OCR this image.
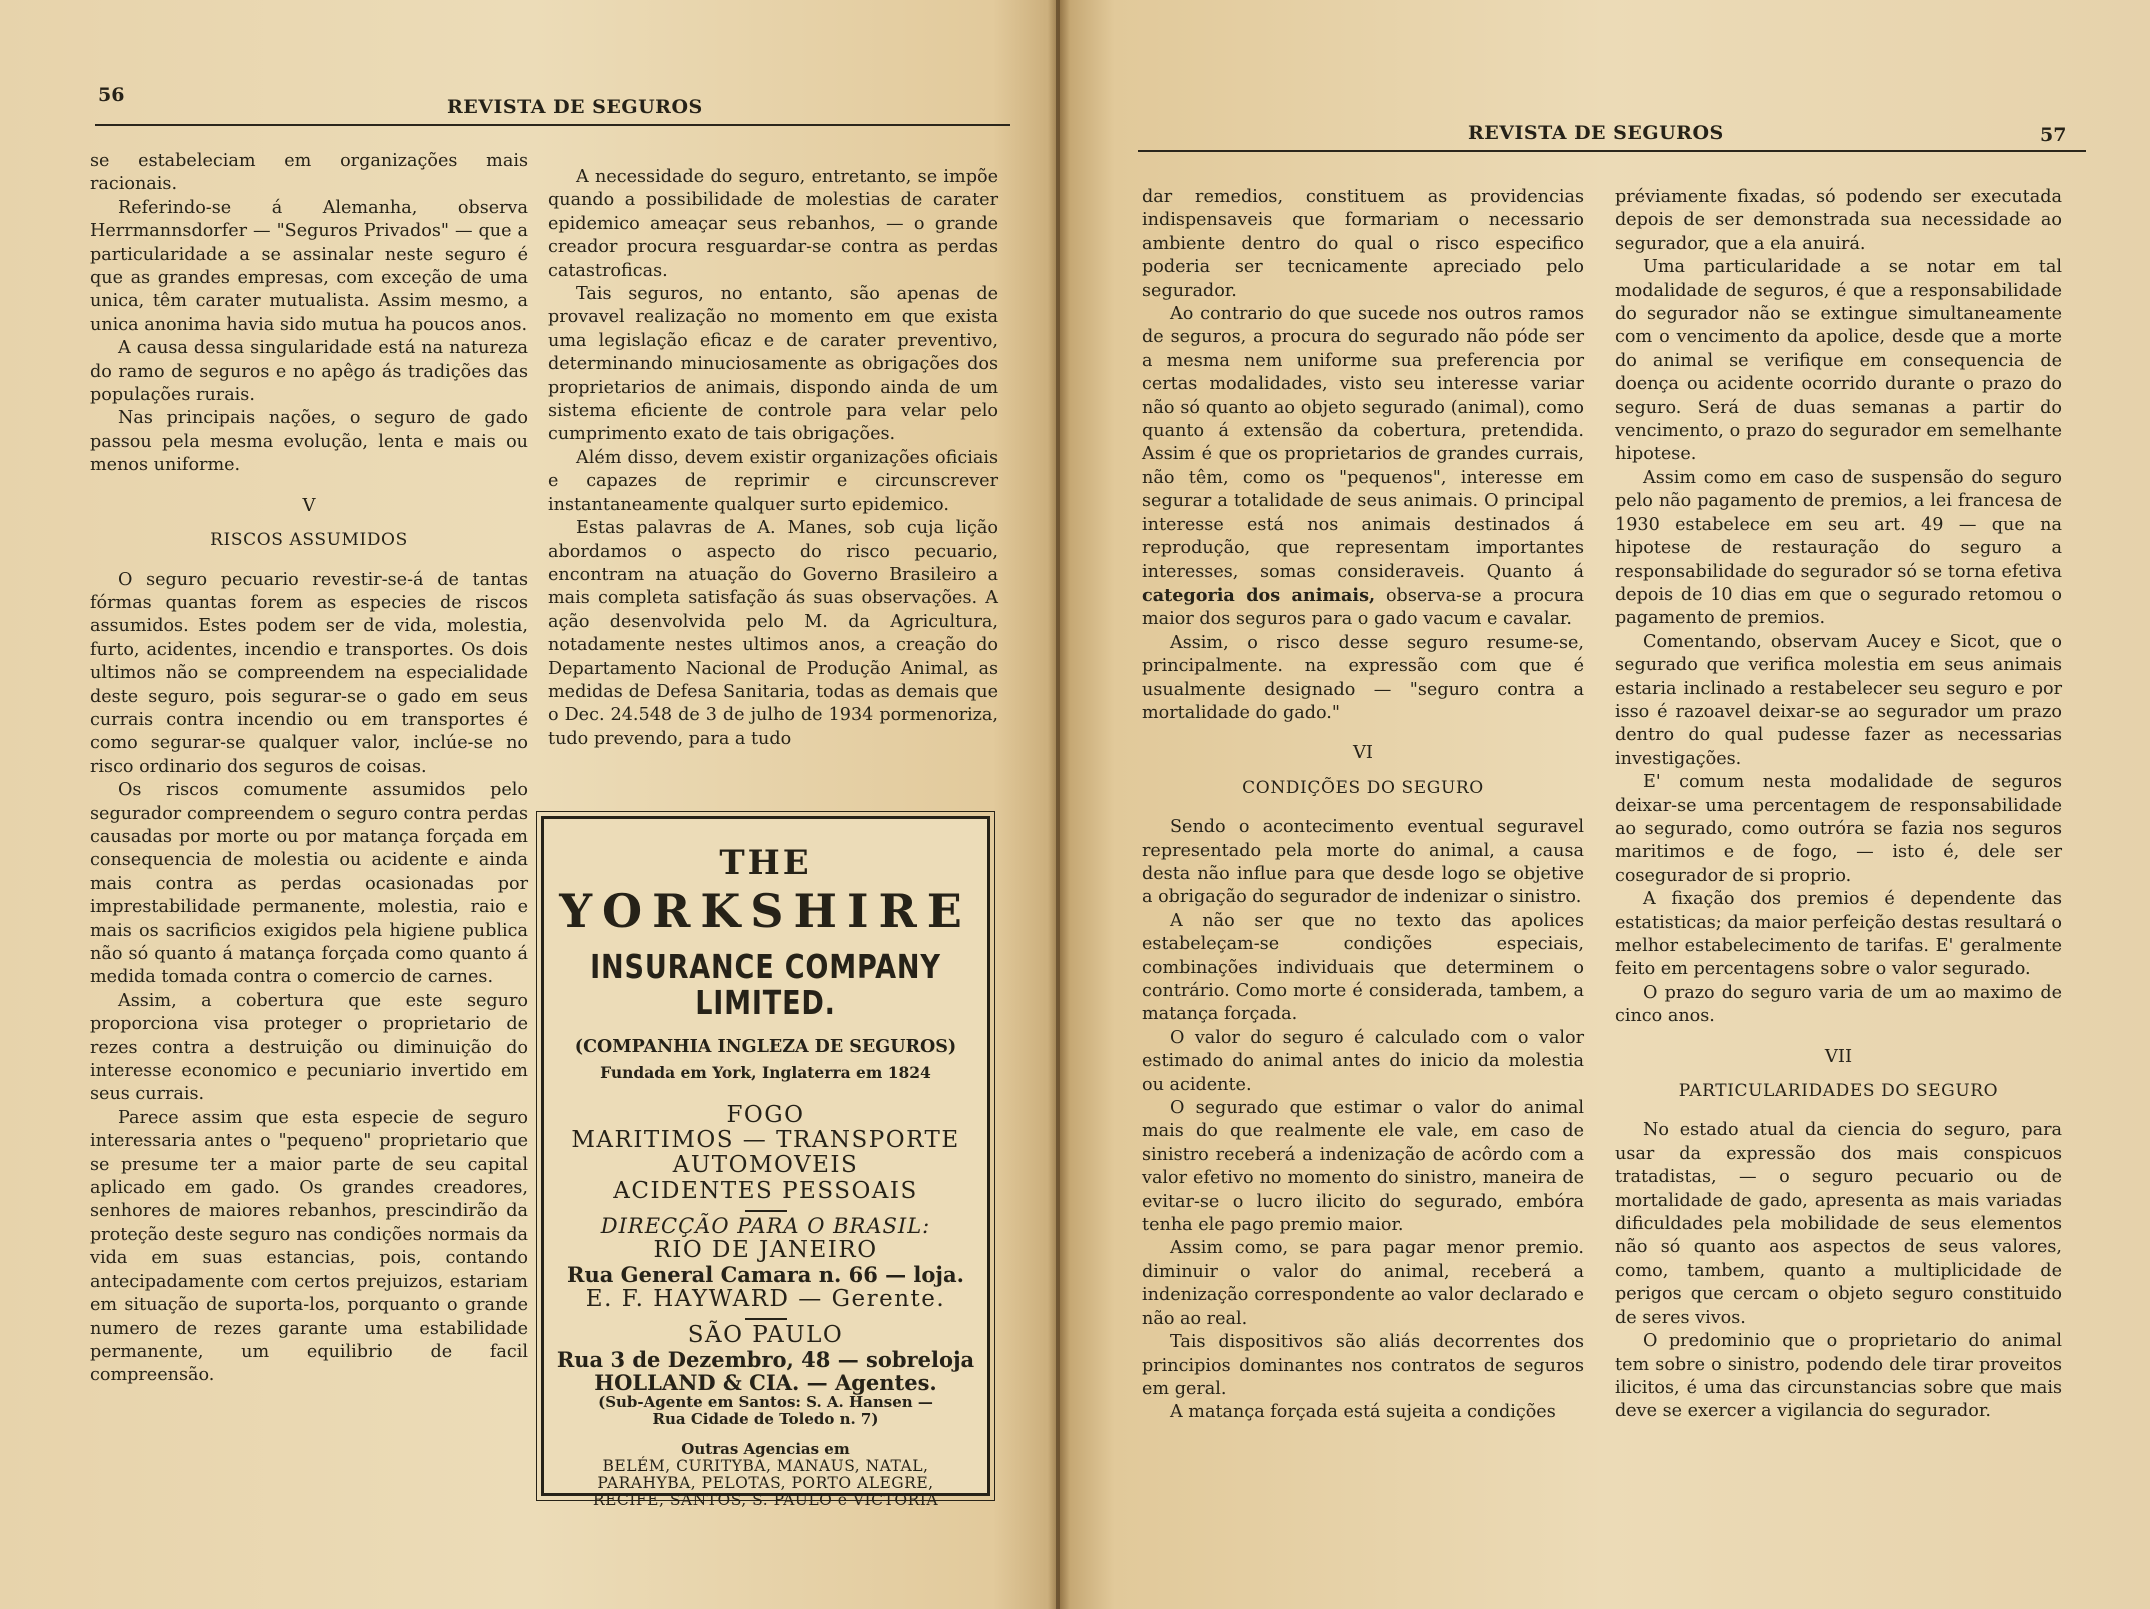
56
REVISTA DE SEGUROS

se estabeleciam em organizações mais racionais.

Referindo-se á Alemanha, observa Herrmannsdorfer — "Seguros Privados" — que a particularidade a se assinalar neste seguro é que as grandes empresas, com exceção de uma unica, têm carater mutualista. Assim mesmo, a unica anonima havia sido mutua ha poucos anos.

A causa dessa singularidade está na natureza do ramo de seguros e no apêgo ás tradições das populações rurais.

Nas principais nações, o seguro de gado passou pela mesma evolução, lenta e mais ou menos uniforme.

V

RISCOS ASSUMIDOS

O seguro pecuario revestir-se-á de tantas fórmas quantas forem as especies de riscos assumidos. Estes podem ser de vida, molestia, furto, acidentes, incendio e transportes. Os dois ultimos não se compreendem na especialidade deste seguro, pois segurar-se o gado em seus currais contra incendio ou em transportes é como segurar-se qualquer valor, inclúe-se no risco ordinario dos seguros de coisas.

Os riscos comumente assumidos pelo segurador compreendem o seguro contra perdas causadas por morte ou por matança forçada em consequencia de molestia ou acidente e ainda mais contra as perdas ocasionadas por imprestabilidade permanente, molestia, raio e mais os sacrificios exigidos pela higiene publica não só quanto á matança forçada como quanto á medida tomada contra o comercio de carnes.

Assim, a cobertura que este seguro proporciona visa proteger o proprietario de rezes contra a destruição ou diminuição do interesse economico e pecuniario invertido em seus currais.

Parece assim que esta especie de seguro interessaria antes o "pequeno" proprietario que se presume ter a maior parte de seu capital aplicado em gado. Os grandes creadores, senhores de maiores rebanhos, prescindirão da proteção deste seguro nas condições normais da vida em suas estancias, pois, contando antecipadamente com certos prejuizos, estariam em situação de suporta-los, porquanto o grande numero de rezes garante uma estabilidade permanente, um equilibrio de facil compreensão.

A necessidade do seguro, entretanto, se impõe quando a possibilidade de molestias de carater epidemico ameaçar seus rebanhos, — o grande creador procura resguardar-se contra as perdas catastroficas.

Tais seguros, no entanto, são apenas de provavel realização no momento em que exista uma legislação eficaz e de carater preventivo, determinando minuciosamente as obrigações dos proprietarios de animais, dispondo ainda de um sistema eficiente de controle para velar pelo cumprimento exato de tais obrigações.

Além disso, devem existir organizações oficiais e capazes de reprimir e circunscrever instantaneamente qualquer surto epidemico.

Estas palavras de A. Manes, sob cuja lição abordamos o aspecto do risco pecuario, encontram na atuação do Governo Brasileiro a mais completa satisfação ás suas observações. A ação desenvolvida pelo M. da Agricultura, notadamente nestes ultimos anos, a creação do Departamento Nacional de Produção Animal, as medidas de Defesa Sanitaria, todas as demais que o Dec. 24.548 de 3 de julho de 1934 pormenoriza, tudo prevendo, para a tudo

THE
YORKSHIRE
INSURANCE COMPANY LIMITED.
(COMPANHIA INGLEZA DE SEGUROS)
Fundada em York, Inglaterra em 1824
FOGO
MARITIMOS — TRANSPORTE
AUTOMOVEIS
ACIDENTES PESSOAIS
DIRECÇÃO PARA O BRASIL:
RIO DE JANEIRO
Rua General Camara n. 66 — loja.
E. F. HAYWARD — Gerente.
SÃO PAULO
Rua 3 de Dezembro, 48 — sobreloja
HOLLAND & CIA. — Agentes.
(Sub-Agente em Santos: S. A. Hansen —
Rua Cidade de Toledo n. 7)
Outras Agencias em
BELÉM, CURITYBA, MANAUS, NATAL,
PARAHYBA, PELOTAS, PORTO ALEGRE,
RECIFE, SANTOS, S. PAULO e VICTORIA
REVISTA DE SEGUROS	57

dar remedios, constituem as providencias indispensaveis que formariam o necessario ambiente dentro do qual o risco especifico poderia ser tecnicamente apreciado pelo segurador.

Ao contrario do que sucede nos outros ramos de seguros, a procura do segurado não póde ser a mesma nem uniforme sua preferencia por certas modalidades, visto seu interesse variar não só quanto ao objeto segurado (animal), como quanto á extensão da cobertura, pretendida. Assim é que os proprietarios de grandes currais, não têm, como os "pequenos", interesse em segurar a totalidade de seus animais. O principal interesse está nos animais destinados á reprodução, que representam importantes interesses, somas consideraveis. Quanto á categoria dos animais, observa-se a procura maior dos seguros para o gado vacum e cavalar.

Assim, o risco desse seguro resume-se, principalmente. na expressão com que é usualmente designado — "seguro contra a mortalidade do gado."

VI

CONDIÇÕES DO SEGURO

Sendo o acontecimento eventual seguravel representado pela morte do animal, a causa desta não influe para que desde logo se objetive a obrigação do segurador de indenizar o sinistro.

A não ser que no texto das apolices estabeleçam-se condições especiais, combinações individuais que determinem o contrário. Como morte é considerada, tambem, a matança forçada.

O valor do seguro é calculado com o valor estimado do animal antes do inicio da molestia ou acidente.

O segurado que estimar o valor do animal mais do que realmente ele vale, em caso de sinistro receberá a indenização de acôrdo com a valor efetivo no momento do sinistro, maneira de evitar-se o lucro ilicito do segurado, embóra tenha ele pago premio maior.

Assim como, se para pagar menor premio. diminuir o valor do animal, receberá a indenização correspondente ao valor declarado e não ao real.

Tais dispositivos são aliás decorrentes dos principios dominantes nos contratos de seguros em geral.

A matança forçada está sujeita a condições

préviamente fixadas, só podendo ser executada depois de ser demonstrada sua necessidade ao segurador, que a ela anuirá.

Uma particularidade a se notar em tal modalidade de seguros, é que a responsabilidade do segurador não se extingue simultaneamente com o vencimento da apolice, desde que a morte do animal se verifique em consequencia de doença ou acidente ocorrido durante o prazo do seguro. Será de duas semanas a partir do vencimento, o prazo do segurador em semelhante hipotese.

Assim como em caso de suspensão do seguro pelo não pagamento de premios, a lei francesa de 1930 estabelece em seu art. 49 — que na hipotese de restauração do seguro a responsabilidade do segurador só se torna efetiva depois de 10 dias em que o segurado retomou o pagamento de premios.

Comentando, observam Aucey e Sicot, que o segurado que verifica molestia em seus animais estaria inclinado a restabelecer seu seguro e por isso é razoavel deixar-se ao segurador um prazo dentro do qual pudesse fazer as necessarias investigações.

E' comum nesta modalidade de seguros deixar-se uma percentagem de responsabilidade ao segurado, como outróra se fazia nos seguros maritimos e de fogo, — isto é, dele ser cosegurador de si proprio.

A fixação dos premios é dependente das estatisticas; da maior perfeição destas resultará o melhor estabelecimento de tarifas. E' geralmente feito em percentagens sobre o valor segurado.

O prazo do seguro varia de um ao maximo de cinco anos.

VII

PARTICULARIDADES DO SEGURO

No estado atual da ciencia do seguro, para usar da expressão dos mais conspicuos tratadistas, — o seguro pecuario ou de mortalidade de gado, apresenta as mais variadas dificuldades pela mobilidade de seus elementos não só quanto aos aspectos de seus valores, como, tambem, quanto a multiplicidade de perigos que cercam o objeto seguro constituido de seres vivos.

O predominio que o proprietario do animal tem sobre o sinistro, podendo dele tirar proveitos ilicitos, é uma das circunstancias sobre que mais deve se exercer a vigilancia do segurador.
